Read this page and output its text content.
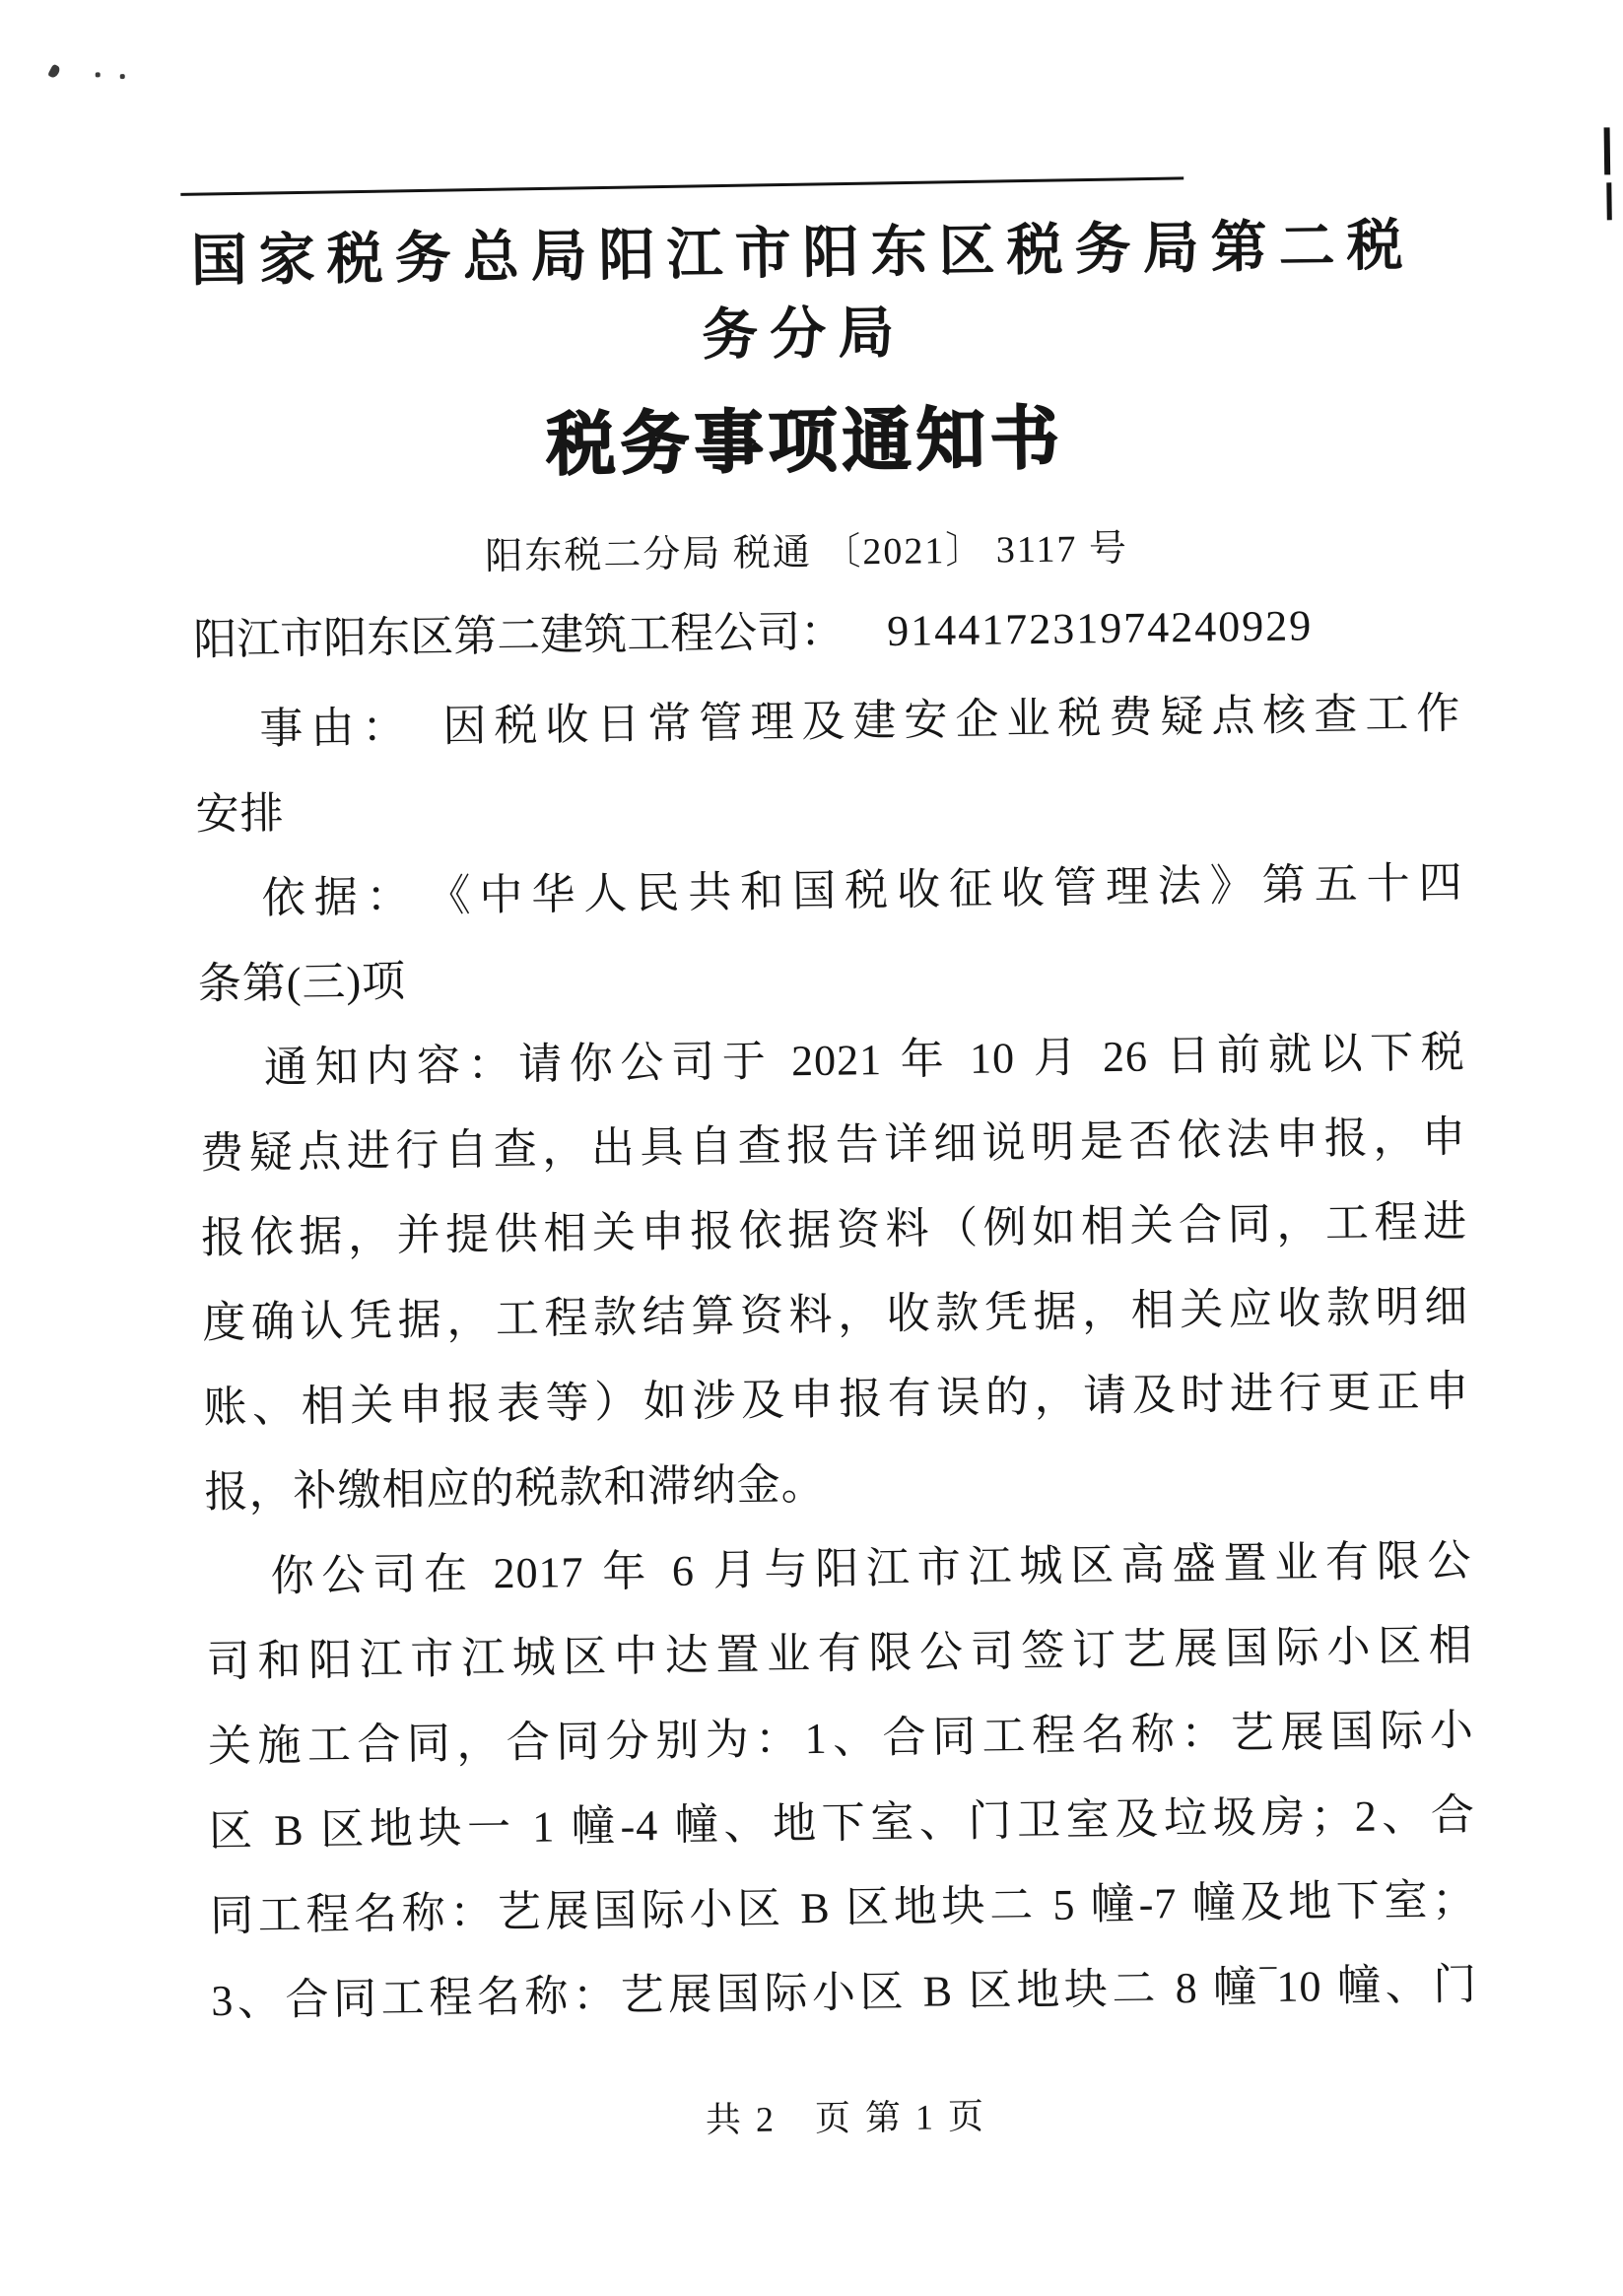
国家税务总局阳江市阳东区税务局第二税
务分局
税务事项通知书
阳东税二分局 税通 〔2021〕 3117 号
阳江市阳东区第二建筑工程公司： 914417231974240929
事由：　因税收日常管理及建安企业税费疑点核查工作
安排
依据：　《中华人民共和国税收征收管理法》第五十四
条第(三)项
通知内容：请你公司于 2021 年 10 月 26 日前就以下税
费疑点进行自查，出具自查报告详细说明是否依法申报，申
报依据，并提供相关申报依据资料（例如相关合同，工程进
度确认凭据，工程款结算资料，收款凭据，相关应收款明细
账、相关申报表等）如涉及申报有误的，请及时进行更正申
报，补缴相应的税款和滞纳金。
你公司在 2017 年 6 月与阳江市江城区高盛置业有限公
司和阳江市江城区中达置业有限公司签订艺展国际小区相
关施工合同，合同分别为：1、合同工程名称：艺展国际小
区 B 区地块一 1 幢-4 幢、地下室、门卫室及垃圾房；2、合
同工程名称：艺展国际小区 B 区地块二 5 幢-7 幢及地下室；
3、合同工程名称：艺展国际小区 B 区地块二 8 幢‾10 幢、门
共 2　页 第 1 页
